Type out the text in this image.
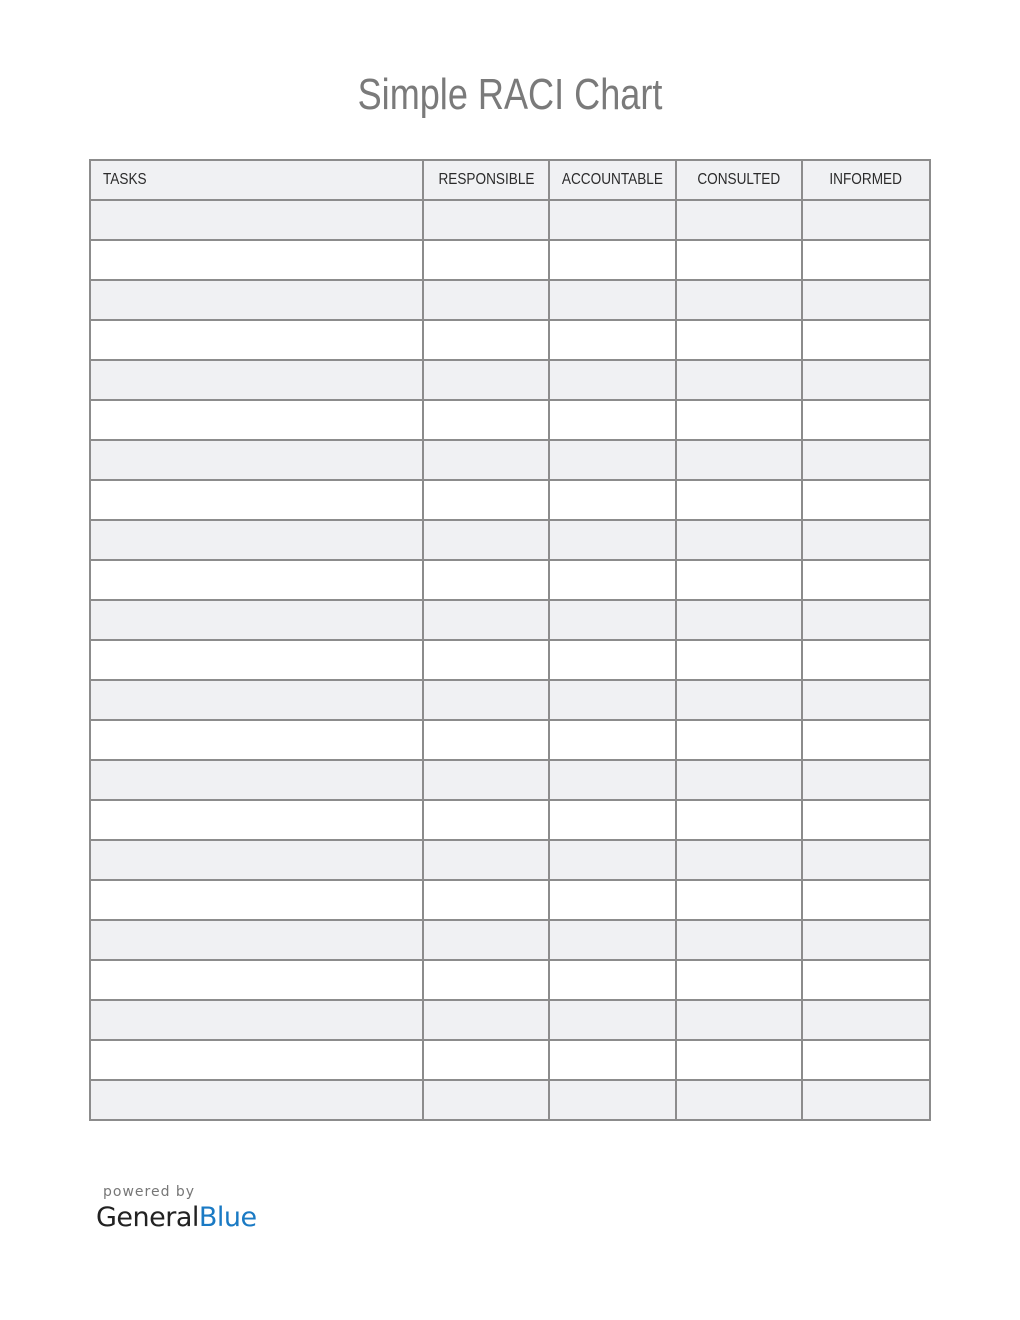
Simple RACI Chart
TASKS	RESPONSIBLE	ACCOUNTABLE	CONSULTED	INFORMED

powered by
GeneralBlue
